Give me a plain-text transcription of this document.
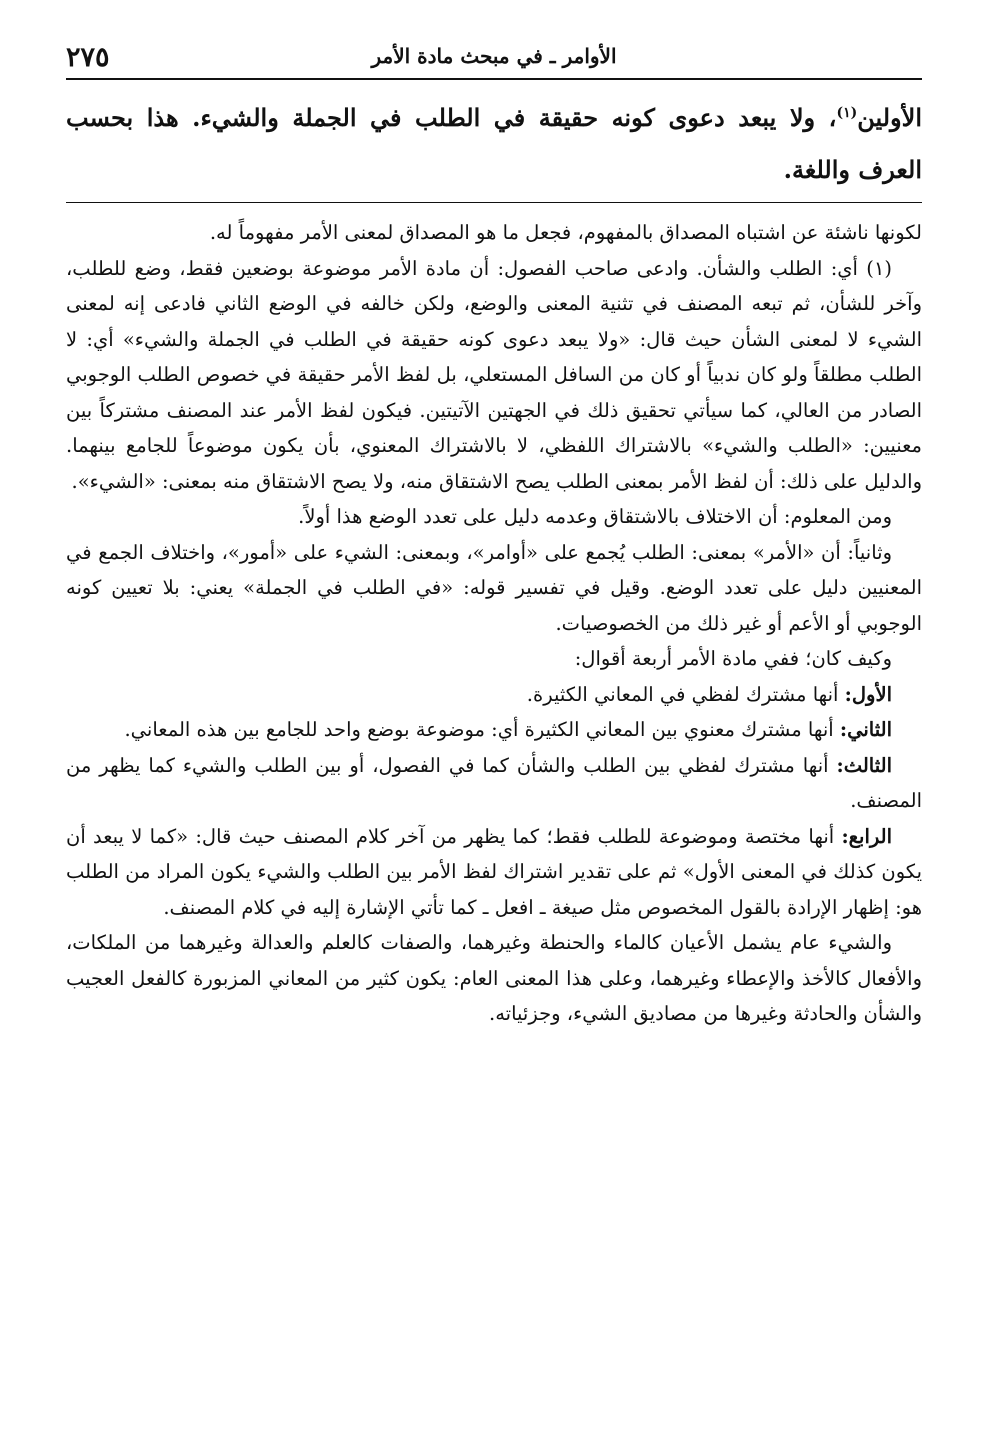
٢٧٥	الأوامر ـ في مبحث مادة الأمر
الأولين$^{(١)}$، ولا يبعد دعوى كونه حقيقة في الطلب في الجملة والشيء. هذا بحسب العرف واللغة.

لكونها ناشئة عن اشتباه المصداق بالمفهوم، فجعل ما هو المصداق لمعنى الأمر مفهوماً له.

(١) أي: الطلب والشأن. وادعى صاحب الفصول: أن مادة الأمر موضوعة بوضعين فقط، وضع للطلب، وآخر للشأن، ثم تبعه المصنف في تثنية المعنى والوضع، ولكن خالفه في الوضع الثاني فادعى إنه لمعنى الشيء لا لمعنى الشأن حيث قال: «ولا يبعد دعوى كونه حقيقة في الطلب في الجملة والشيء» أي: لا الطلب مطلقاً ولو كان ندبياً أو كان من السافل المستعلي، بل لفظ الأمر حقيقة في خصوص الطلب الوجوبي الصادر من العالي، كما سيأتي تحقيق ذلك في الجهتين الآتيتين. فيكون لفظ الأمر عند المصنف مشتركاً بين معنيين: «الطلب والشيء» بالاشتراك اللفظي، لا بالاشتراك المعنوي، بأن يكون موضوعاً للجامع بينهما. والدليل على ذلك: أن لفظ الأمر بمعنى الطلب يصح الاشتقاق منه، ولا يصح الاشتقاق منه بمعنى: «الشيء».

ومن المعلوم: أن الاختلاف بالاشتقاق وعدمه دليل على تعدد الوضع هذا أولاً.

وثانياً: أن «الأمر» بمعنى: الطلب يُجمع على «أوامر»، وبمعنى: الشيء على «أمور»، واختلاف الجمع في المعنيين دليل على تعدد الوضع. وقيل في تفسير قوله: «في الطلب في الجملة» يعني: بلا تعيين كونه الوجوبي أو الأعم أو غير ذلك من الخصوصيات.

وكيف كان؛ ففي مادة الأمر أربعة أقوال:

الأول: أنها مشترك لفظي في المعاني الكثيرة.

الثاني: أنها مشترك معنوي بين المعاني الكثيرة أي: موضوعة بوضع واحد للجامع بين هذه المعاني.

الثالث: أنها مشترك لفظي بين الطلب والشأن كما في الفصول، أو بين الطلب والشيء كما يظهر من المصنف.

الرابع: أنها مختصة وموضوعة للطلب فقط؛ كما يظهر من آخر كلام المصنف حيث قال: «كما لا يبعد أن يكون كذلك في المعنى الأول» ثم على تقدير اشتراك لفظ الأمر بين الطلب والشيء يكون المراد من الطلب هو: إظهار الإرادة بالقول المخصوص مثل صيغة ـ افعل ـ كما تأتي الإشارة إليه في كلام المصنف.

والشيء عام يشمل الأعيان كالماء والحنطة وغيرهما، والصفات كالعلم والعدالة وغيرهما من الملكات، والأفعال كالأخذ والإعطاء وغيرهما، وعلى هذا المعنى العام: يكون كثير من المعاني المزبورة كالفعل العجيب والشأن والحادثة وغيرها من مصاديق الشيء، وجزئياته.
